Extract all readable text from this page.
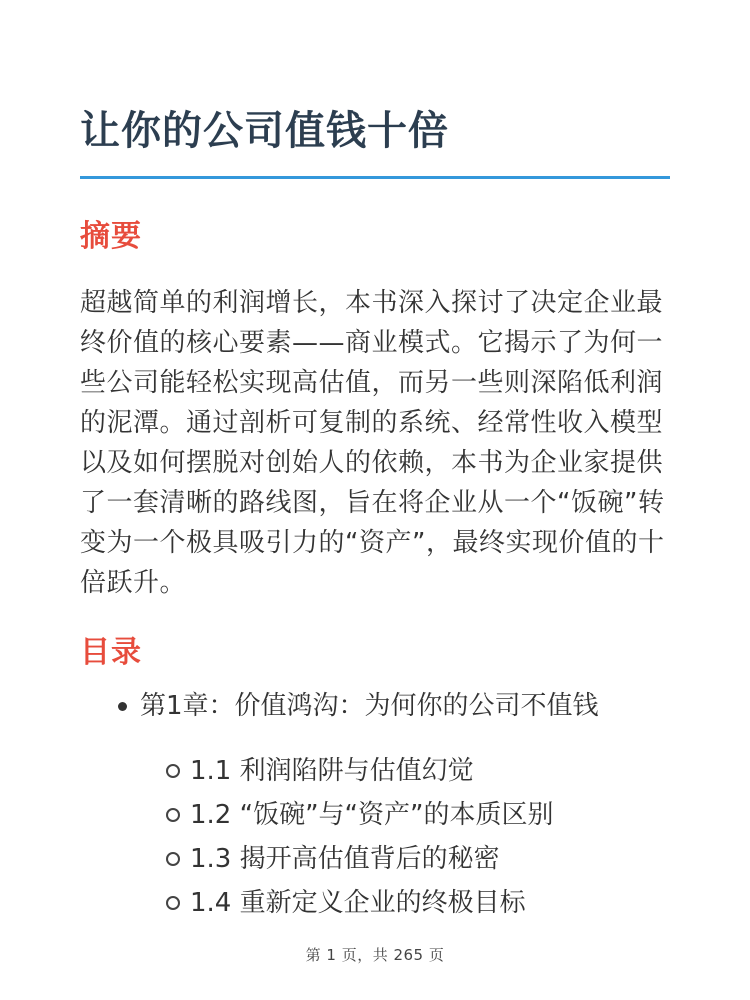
让你的公司值钱十倍
摘要

超越简单的利润增长，本书深入探讨了决定企业最终价值的核心要素——商业模式。它揭示了为何一些公司能轻松实现高估值，而另一些则深陷低利润的泥潭。通过剖析可复制的系统、经常性收入模型以及如何摆脱对创始人的依赖，本书为企业家提供了一套清晰的路线图，旨在将企业从一个“饭碗”转变为一个极具吸引力的“资产”，最终实现价值的十倍跃升。

目录
第1章：价值鸿沟：为何你的公司不值钱
1.1 利润陷阱与估值幻觉
1.2 “饭碗”与“资产”的本质区别
1.3 揭开高估值背后的秘密
1.4 重新定义企业的终极目标
第 1 页，共 265 页
